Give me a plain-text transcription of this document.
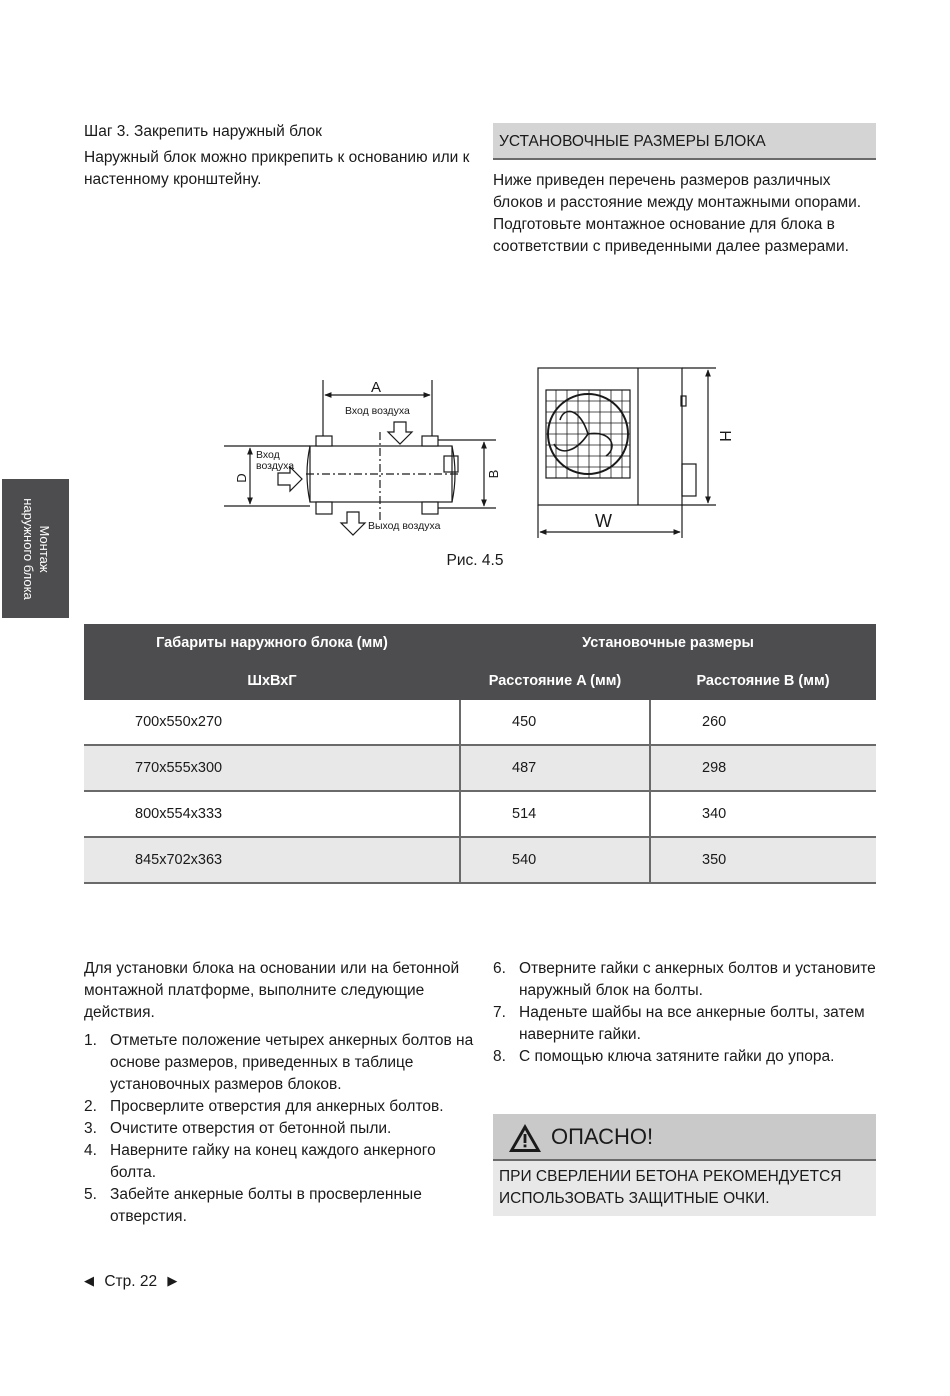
Шаг 3. Закрепить наружный блок

Наружный блок можно прикрепить к основанию или к настенному кронштейну.

УСТАНОВОЧНЫЕ РАЗМЕРЫ БЛОКА

Ниже приведен перечень размеров различных блоков и расстояние между монтажными опорами. Подготовьте монтажное основание для блока в соответствии с приведенными далее размерами.

Монтаж
наружного блока
A
Вход воздуха
Вход
воздуха
Выход воздуха
D	B
W
H
Рис. 4.5
Габариты наружного блока (мм)	Установочные размеры	
ШхВхГ	Расстояние A (мм)	Расстояние B (мм)
700x550x270	450	260
770x555x300	487	298
800x554x333	514	340
845x702x363	540	350

Для установки блока на основании или на бетонной монтажной платформе, выполните следующие действия.

1. Отметьте положение четырех анкерных болтов на основе размеров, приведенных в таблице установочных размеров блоков.
2. Просверлите отверстия для анкерных болтов.
3. Очистите отверстия от бетонной пыли.
4. Наверните гайку на конец каждого анкерного болта.
5. Забейте анкерные болты в просверленные отверстия.
6. Отверните гайки с анкерных болтов и установите наружный блок на болты.
7. Наденьте шайбы на все анкерные болты, затем наверните гайки.
8. С помощью ключа затяните гайки до упора.
ОПАСНО!
ПРИ СВЕРЛЕНИИ БЕТОНА РЕКОМЕНДУЕТСЯ ИСПОЛЬЗОВАТЬ ЗАЩИТНЫЕ ОЧКИ.
◀ Стр. 22 ▶
